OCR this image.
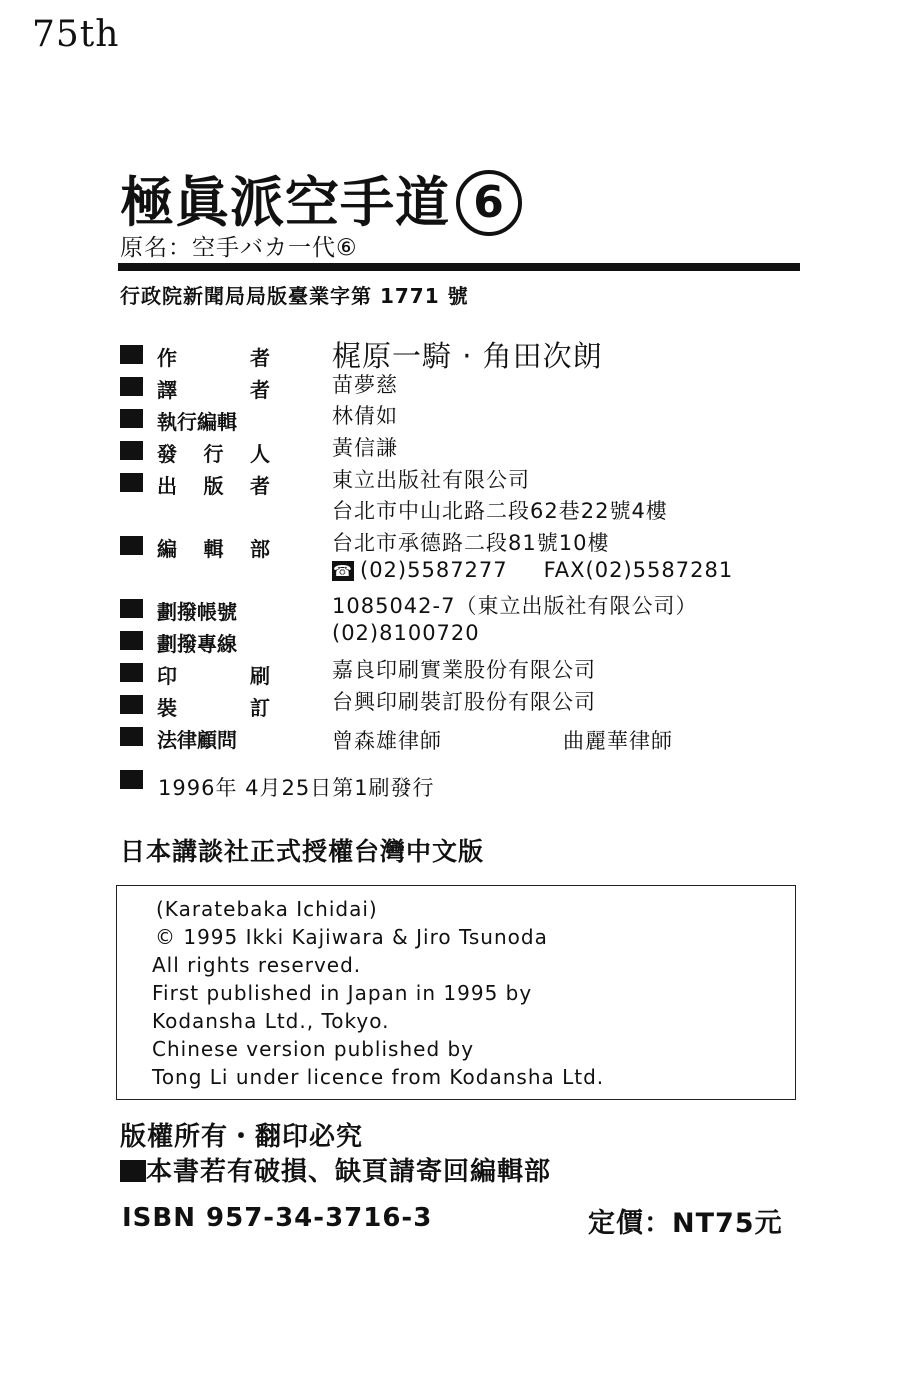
75th
極眞派空手道 6
原名：空手バカ一代⑥
行政院新聞局局版臺業字第 1771 號
作	者 梶原一騎 · 角田次朗
譯	者	苗夢慈
執行編輯	林倩如
發 行 人	黃信謙
出 版 者	東立出版社有限公司
台北市中山北路二段62巷22號4樓
編 輯 部	台北市承德路二段81號10樓
☎ (02)5587277 FAX(02)5587281
劃撥帳號	1085042-7（東立出版社有限公司）
劃撥專線	(02)8100720
印	刷	嘉良印刷實業股份有限公司
裝	訂	台興印刷裝訂股份有限公司
法律顧問	曾森雄律師	曲麗華律師
1996年 4月25日第1刷發行
日本講談社正式授權台灣中文版
(Karatebaka Ichidai)
© 1995 Ikki Kajiwara & Jiro Tsunoda
All rights reserved.
First published in Japan in 1995 by
Kodansha Ltd., Tokyo.
Chinese version published by
Tong Li under licence from Kodansha Ltd.
版權所有・翻印必究
本書若有破損、缺頁請寄回編輯部
ISBN 957-34-3716-3	定價：NT75元
